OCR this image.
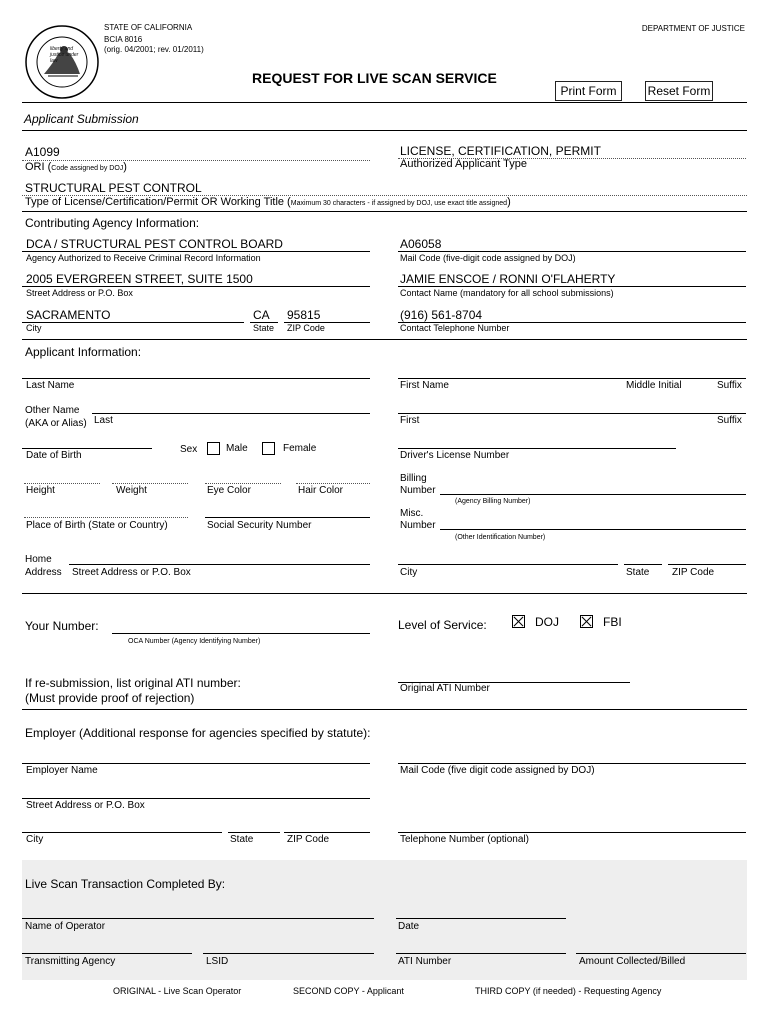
liberty and justice under law
STATE OF CALIFORNIA
BCIA 8016
(orig. 04/2001; rev. 01/2011)
DEPARTMENT OF JUSTICE
REQUEST FOR LIVE SCAN SERVICE
Print Form	Reset Form
Applicant Submission
A1099
ORI (Code assigned by DOJ)
LICENSE, CERTIFICATION, PERMIT
Authorized Applicant Type
STRUCTURAL PEST CONTROL
Type of License/Certification/Permit OR Working Title (Maximum 30 characters - if assigned by DOJ, use exact title assigned)
Contributing Agency Information:
DCA / STRUCTURAL PEST CONTROL BOARD
Agency Authorized to Receive Criminal Record Information
A06058
Mail Code (five-digit code assigned by DOJ)
2005 EVERGREEN STREET, SUITE 1500
Street Address or P.O. Box
JAMIE ENSCOE / RONNI O'FLAHERTY
Contact Name (mandatory for all school submissions)
SACRAMENTO
City
CA
State
95815
ZIP Code
(916) 561-8704
Contact Telephone Number
Applicant Information:
Last Name	First Name	Middle Initial	Suffix
Other Name
(AKA or Alias) Last	First	Suffix
Date of Birth
Sex	Male	Female
Driver's License Number
Height	Weight	Eye Color	Hair Color
Billing
Number
(Agency Billing Number)
Place of Birth (State or Country)	Social Security Number
Misc.
Number
(Other Identification Number)
Home
Address Street Address or P.O. Box	City	State ZIP Code
Your Number:
OCA Number (Agency Identifying Number)
Level of Service:	DOJ	FBI
If re-submission, list original ATI number:
(Must provide proof of rejection)
Original ATI Number
Employer (Additional response for agencies specified by statute):
Employer Name	Mail Code (five digit code assigned by DOJ)
Street Address or P.O. Box
City	State	ZIP Code	Telephone Number (optional)
Live Scan Transaction Completed By:
Name of Operator	Date
Transmitting Agency	LSID	ATI Number	Amount Collected/Billed
ORIGINAL - Live Scan Operator	SECOND COPY - Applicant	THIRD COPY (if needed) - Requesting Agency
